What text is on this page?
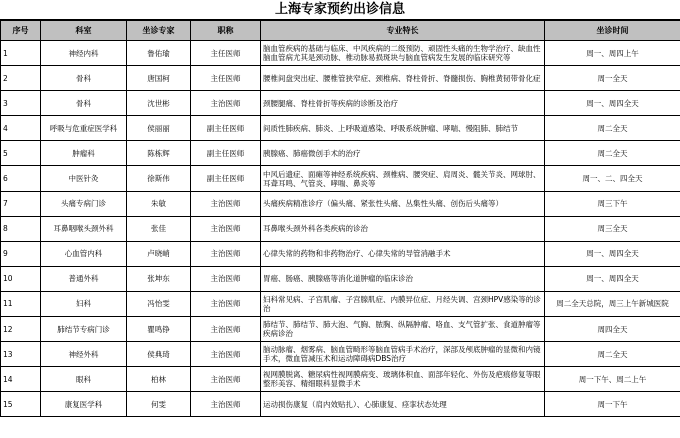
上海专家预约出诊信息
序号	科室	坐诊专家	职称	专业特长	坐诊时间
1	神经内科	鲁佑瑜	主任医师	脑血管疾病的基础与临床、中风疾病的二级预防、顽固性头痛的生物学治疗、缺血性脑血管病尤其是颈动脉、椎动脉易损斑块与脑血管病发生发展的临床研究等	周一、周四上午
2	骨科	唐国柯	主任医师	腰椎间盘突出症、腰椎管狭窄症、颈椎病、脊柱骨折、脊髓损伤、胸椎黄韧带骨化症	周一全天
3	骨科	沈世彬	主治医师	颈腰腿痛、脊柱骨折等疾病的诊断及治疗	周一、周四全天
4	呼吸与危重症医学科	侯丽丽	副主任医师	间质性肺疾病、肺炎、上呼吸道感染、呼吸系统肿瘤、哮喘、慢阻肺、肺结节	周二全天
5	肿瘤科	陈栋辉	副主任医师	胰腺癌、肺癌微创手术的治疗	周二全天
6	中医针灸	徐斯伟	副主任医师	中风后遗症、面瘫等神经系统疾病、颈椎病、腰突症、肩周炎、髋关节炎、网球肘、耳聋耳鸣、气管炎、哮喘、鼻炎等	周一、二、四全天
7	头痛专病门诊	朱敏	主治医师	头痛疾病精准诊疗（偏头痛、紧张性头痛、丛集性头痛、创伤后头痛等）	周三下午
8	耳鼻咽喉头颈外科	张佳	主治医师	耳鼻喉头颈外科各类疾病的诊治	周三全天
9	心血管内科	卢晓峭	主治医师	心律失常的药物和非药物治疗、心律失常的导管消融手术	周一、周四全天
10	普通外科	张坤东	主治医师	胃癌、肠癌、胰腺癌等消化道肿瘤的临床诊治	周一、周四全天
11	妇科	冯怡雯	主治医师	妇科常见病、子宫肌瘤、子宫腺肌症、内膜异位症、月经失调、宫颈HPV感染等的诊治	周二全天总院，周三上午新城医院
12	肺结节专病门诊	瞿鸣铮	主治医师	肺结节、肺结节、肺大泡、气胸、脓胸、纵隔肿瘤、咯血、支气管扩张、食道肿瘤等疾病诊治	周四全天
13	神经外科	侯典琦	主治医师	脑动脉瘤、烟雾病、脑血管畸形等脑血管病手术治疗，深部及颅底肿瘤的显微和内镜手术，微血管减压术和运动障碍病DBS治疗	周二全天
14	眼科	柏林	主治医师	视网膜脱离、糖尿病性视网膜病变、玻璃体积血、面部年轻化、外伤及疤痕修复等眼整形美容、精细眼科显微手术	周一下午、周二上午
15	康复医学科	何雯	主治医师	运动损伤康复（肩内效贴扎）、心肺康复、痉挛状态处理	周一下午
